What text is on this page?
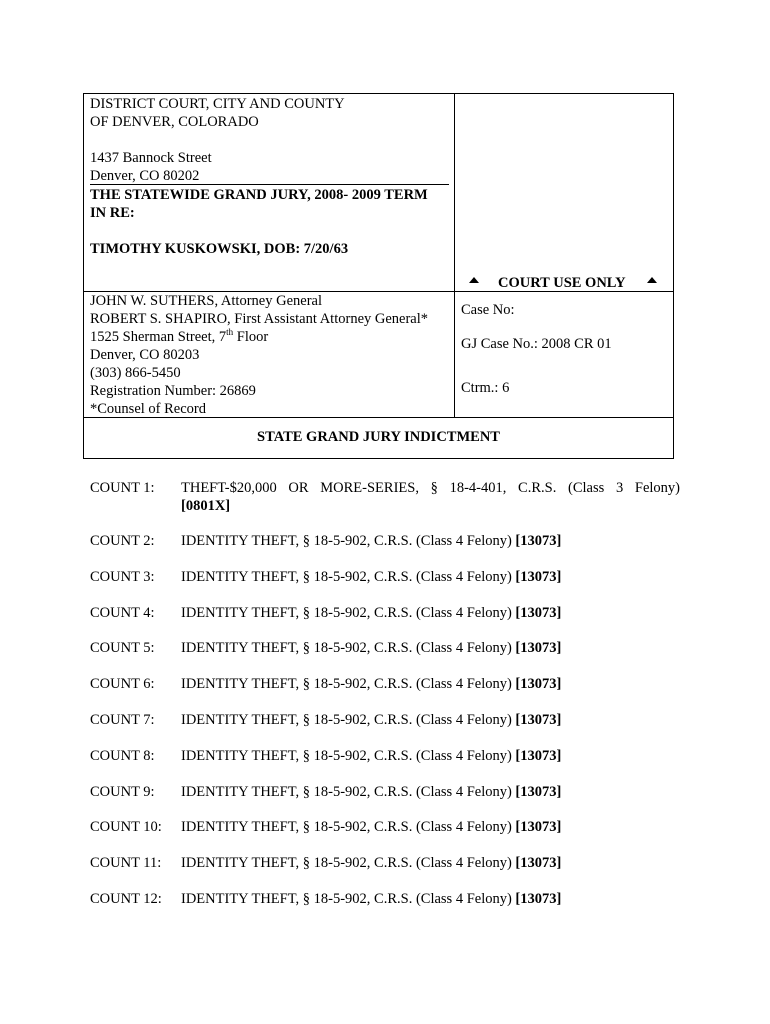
DISTRICT COURT, CITY AND COUNTY
OF DENVER, COLORADO
1437 Bannock Street
Denver, CO 80202
THE STATEWIDE GRAND JURY, 2008- 2009 TERM
IN RE:
TIMOTHY KUSKOWSKI, DOB: 7/20/63
COURT USE ONLY
JOHN W. SUTHERS, Attorney General
ROBERT S. SHAPIRO, First Assistant Attorney General*
1525 Sherman Street, 7th Floor
Denver, CO 80203
(303) 866-5450
Registration Number: 26869
*Counsel of Record
Case No:
GJ Case No.: 2008 CR 01
Ctrm.: 6
STATE GRAND JURY INDICTMENT
COUNT 1: THEFT-$20,000 OR MORE-SERIES, § 18-4-401, C.R.S. (Class 3 Felony)
[0801X]
COUNT 2: IDENTITY THEFT, § 18-5-902, C.R.S. (Class 4 Felony) [13073]
COUNT 3: IDENTITY THEFT, § 18-5-902, C.R.S. (Class 4 Felony) [13073]
COUNT 4: IDENTITY THEFT, § 18-5-902, C.R.S. (Class 4 Felony) [13073]
COUNT 5: IDENTITY THEFT, § 18-5-902, C.R.S. (Class 4 Felony) [13073]
COUNT 6: IDENTITY THEFT, § 18-5-902, C.R.S. (Class 4 Felony) [13073]
COUNT 7: IDENTITY THEFT, § 18-5-902, C.R.S. (Class 4 Felony) [13073]
COUNT 8: IDENTITY THEFT, § 18-5-902, C.R.S. (Class 4 Felony) [13073]
COUNT 9: IDENTITY THEFT, § 18-5-902, C.R.S. (Class 4 Felony) [13073]
COUNT 10: IDENTITY THEFT, § 18-5-902, C.R.S. (Class 4 Felony) [13073]
COUNT 11: IDENTITY THEFT, § 18-5-902, C.R.S. (Class 4 Felony) [13073]
COUNT 12: IDENTITY THEFT, § 18-5-902, C.R.S. (Class 4 Felony) [13073]
